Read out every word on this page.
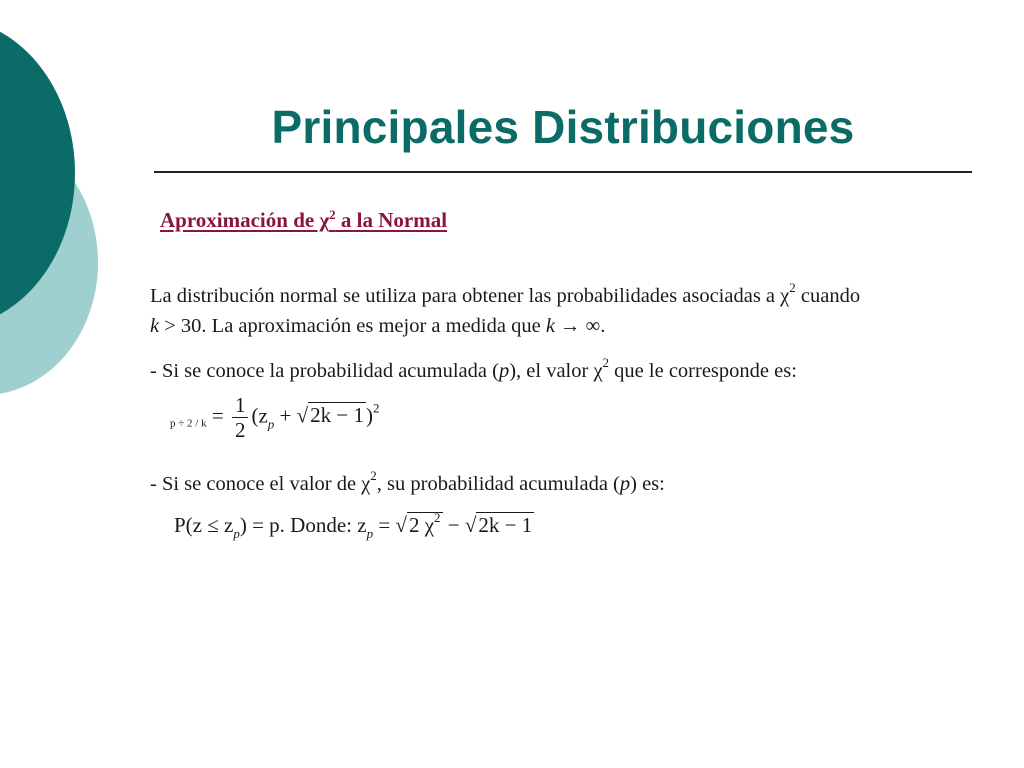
Principales Distribuciones
Aproximación de $\chi^2$ a la Normal
La distribución normal se utiliza para obtener las probabilidades asociadas a $\chi^2$ cuando
k > 30. La aproximación es mejor a medida que k → ∞.
- Si se conoce la probabilidad acumulada (p), el valor $\chi^2$ que le corresponde es:
$p \div 2 / k = \frac{1}{2} (z_p + √2k - 1)^2$
- Si se conoce el valor de $\chi^2$, su probabilidad acumulada (p) es:
$P(z \le z_p) = p$. Donde: $z_p = √2$ $\chi^2 - √2k - 1$
